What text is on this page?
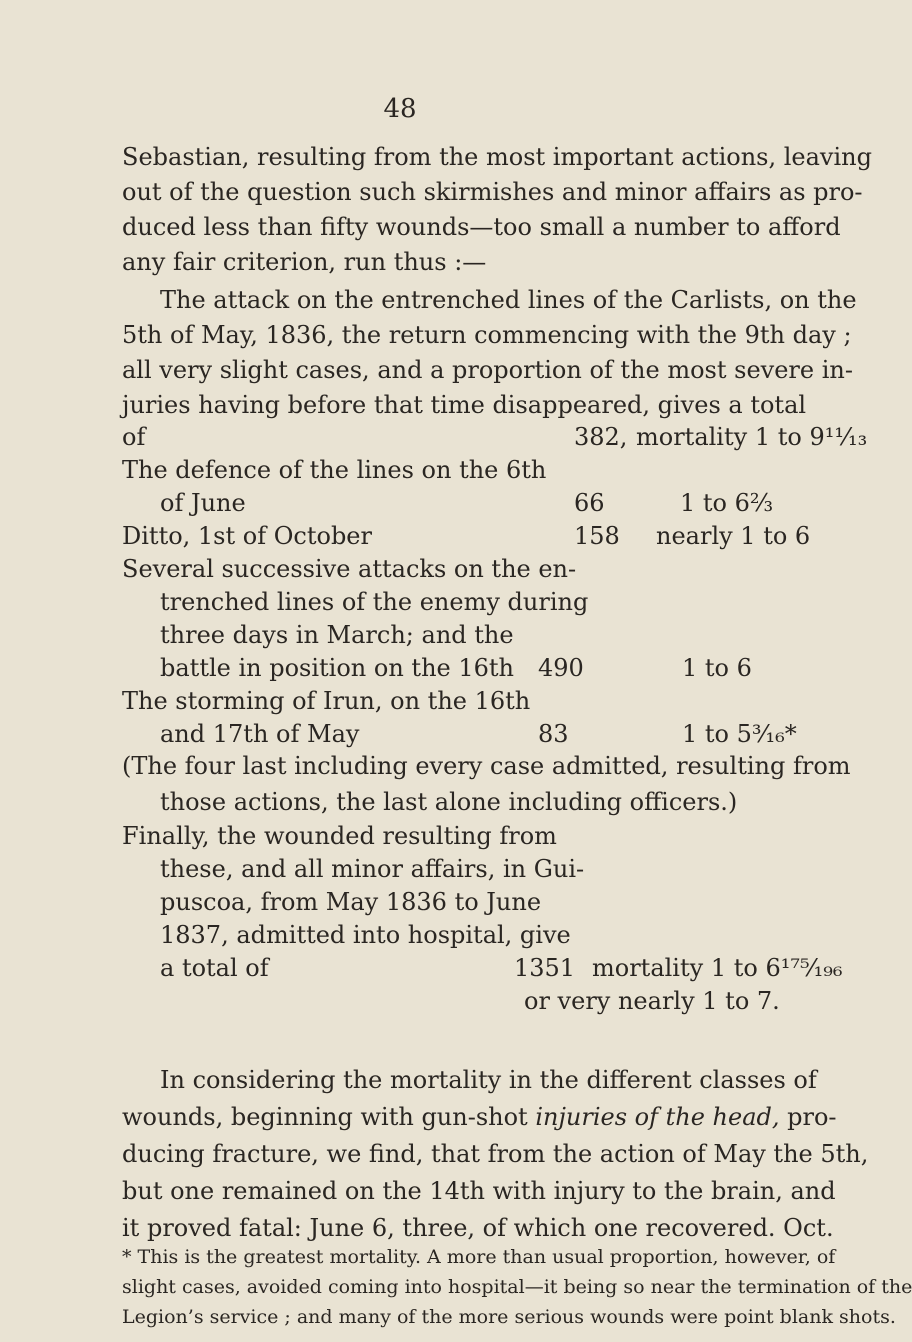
48
Sebastian, resulting from the most important actions, leaving
out of the question such skirmishes and minor affairs as pro-
duced less than fifty wounds—too small a number to afford
any fair criterion, run thus :—
The attack on the entrenched lines of the Carlists, on the
5th of May, 1836, the return commencing with the 9th day ;
all very slight cases, and a proportion of the most severe in-
juries having before that time disappeared, gives a total
of	382, mortality 1 to 9¹¹⁄₁₃
The defence of the lines on the 6th
of June	66	1 to 6⅔
Ditto, 1st of October	158 nearly 1 to 6
Several successive attacks on the en-
trenched lines of the enemy during
three days in March; and the
battle in position on the 16th 490	1 to 6
The storming of Irun, on the 16th
and 17th of May	83	1 to 5³⁄₁₆*
(The four last including every case admitted, resulting from
those actions, the last alone including officers.)
Finally, the wounded resulting from
these, and all minor affairs, in Gui-
puscoa, from May 1836 to June
1837, admitted into hospital, give
a total of	1351 mortality 1 to 6¹⁷⁵⁄₁₉₆
or very nearly 1 to 7.
In considering the mortality in the different classes of
wounds, beginning with gun-shot injuries of the head, pro-
ducing fracture, we find, that from the action of May the 5th,
but one remained on the 14th with injury to the brain, and
it proved fatal: June 6, three, of which one recovered. Oct.
* This is the greatest mortality. A more than usual proportion, however, of
slight cases, avoided coming into hospital—it being so near the termination of the
Legion’s service ; and many of the more serious wounds were point blank shots.
